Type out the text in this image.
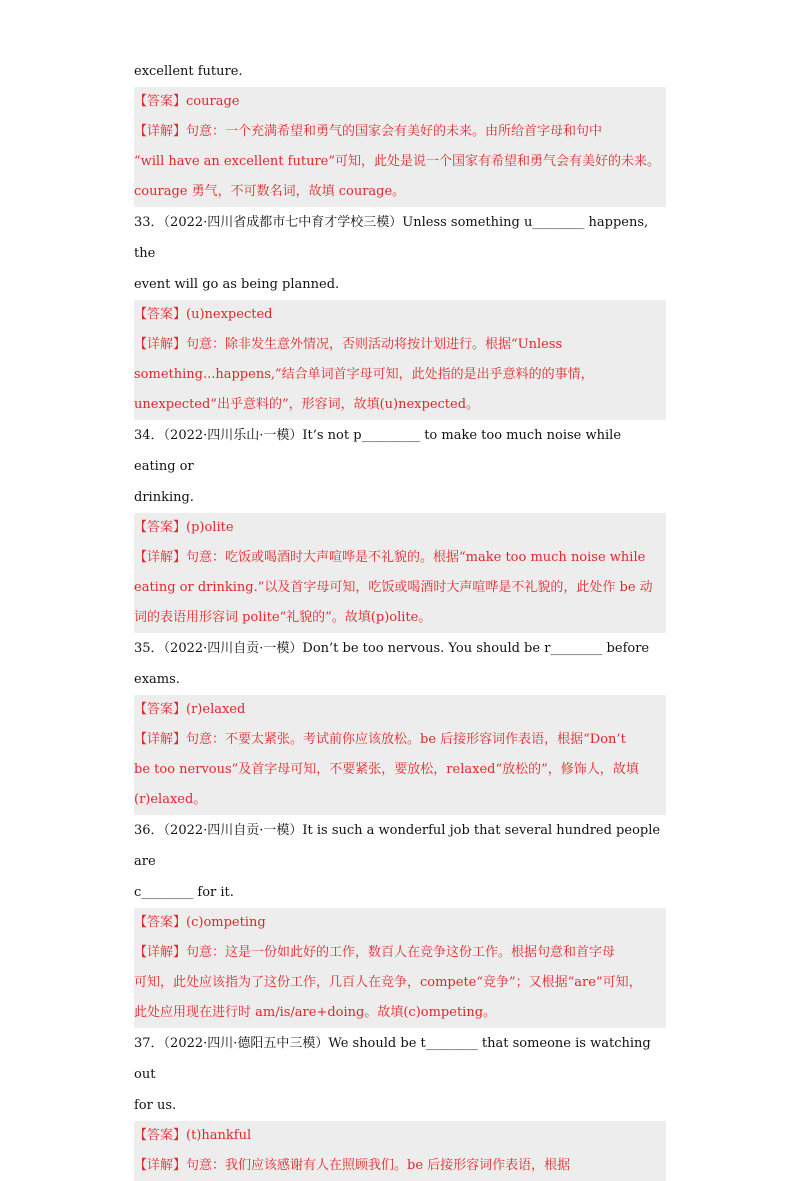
excellent future.

【答案】courage

【详解】句意：一个充满希望和勇气的国家会有美好的未来。由所给首字母和句中

“will have an excellent future”可知，此处是说一个国家有希望和勇气会有美好的未来。

courage 勇气，不可数名词，故填 courage。

33．（2022·四川省成都市七中育才学校三模）Unless something u________ happens, the

event will go as being planned.

【答案】(u)nexpected

【详解】句意：除非发生意外情况，否则活动将按计划进行。根据“Unless

something...happens,”结合单词首字母可知，此处指的是出乎意料的的事情，

unexpected“出乎意料的”，形容词，故填(u)nexpected。

34．（2022·四川乐山·一模）It’s not p_________ to make too much noise while eating or

drinking.

【答案】(p)olite

【详解】句意：吃饭或喝酒时大声喧哗是不礼貌的。根据“make too much noise while

eating or drinking.”以及首字母可知，吃饭或喝酒时大声喧哗是不礼貌的，此处作 be 动

词的表语用形容词 polite“礼貌的”。故填(p)olite。

35．（2022·四川自贡·一模）Don’t be too nervous. You should be r________ before

exams.

【答案】(r)elaxed

【详解】句意：不要太紧张。考试前你应该放松。be 后接形容词作表语，根据“Don’t

be too nervous”及首字母可知，不要紧张，要放松，relaxed“放松的”，修饰人，故填

(r)elaxed。

36．（2022·四川自贡·一模）It is such a wonderful job that several hundred people are

c________ for it.

【答案】(c)ompeting

【详解】句意：这是一份如此好的工作，数百人在竞争这份工作。根据句意和首字母

可知，此处应该指为了这份工作，几百人在竞争，compete“竞争”；又根据“are”可知，

此处应用现在进行时 am/is/are+doing。故填(c)ompeting。

37．（2022·四川·德阳五中三模）We should be t________ that someone is watching out

for us.

【答案】(t)hankful

【详解】句意：我们应该感谢有人在照顾我们。be 后接形容词作表语，根据
